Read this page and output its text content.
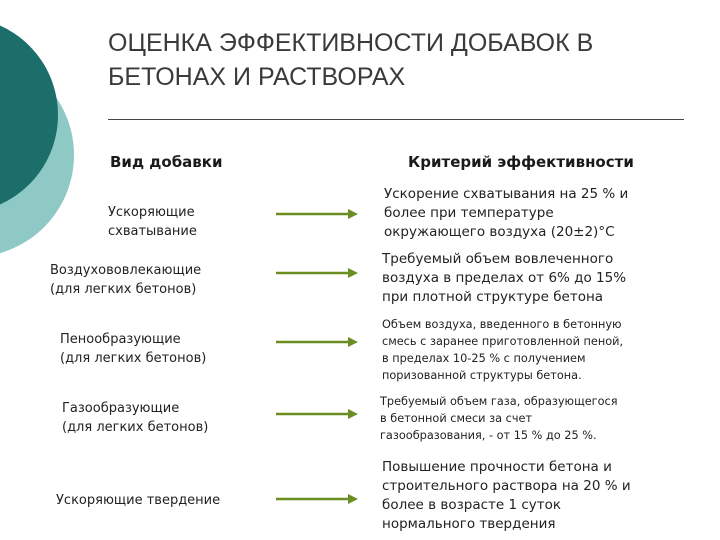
ОЦЕНКА ЭФФЕКТИВНОСТИ ДОБАВОК В
БЕТОНАХ И РАСТВОРАХ
Вид добавки	Критерий эффективности
Ускоряющие
схватывание
Ускорение схватывания на 25 % и
более при температуре
окружающего воздуха (20±2)°С
Воздухововлекающие
(для легких бетонов)
Требуемый объем вовлеченного
воздуха в пределах от 6% до 15%
при плотной структуре бетона
Пенообразующие
(для легких бетонов)
Объем воздуха, введенного в бетонную
смесь с заранее приготовленной пеной,
в пределах 10-25 % с получением
поризованной структуры бетона.
Газообразующие
(для легких бетонов)
Требуемый объем газа, образующегося
в бетонной смеси за счет
газообразования, - от 15 % до 25 %.
Ускоряющие твердение
Повышение прочности бетона и
строительного раствора на 20 % и
более в возрасте 1 суток
нормального твердения
